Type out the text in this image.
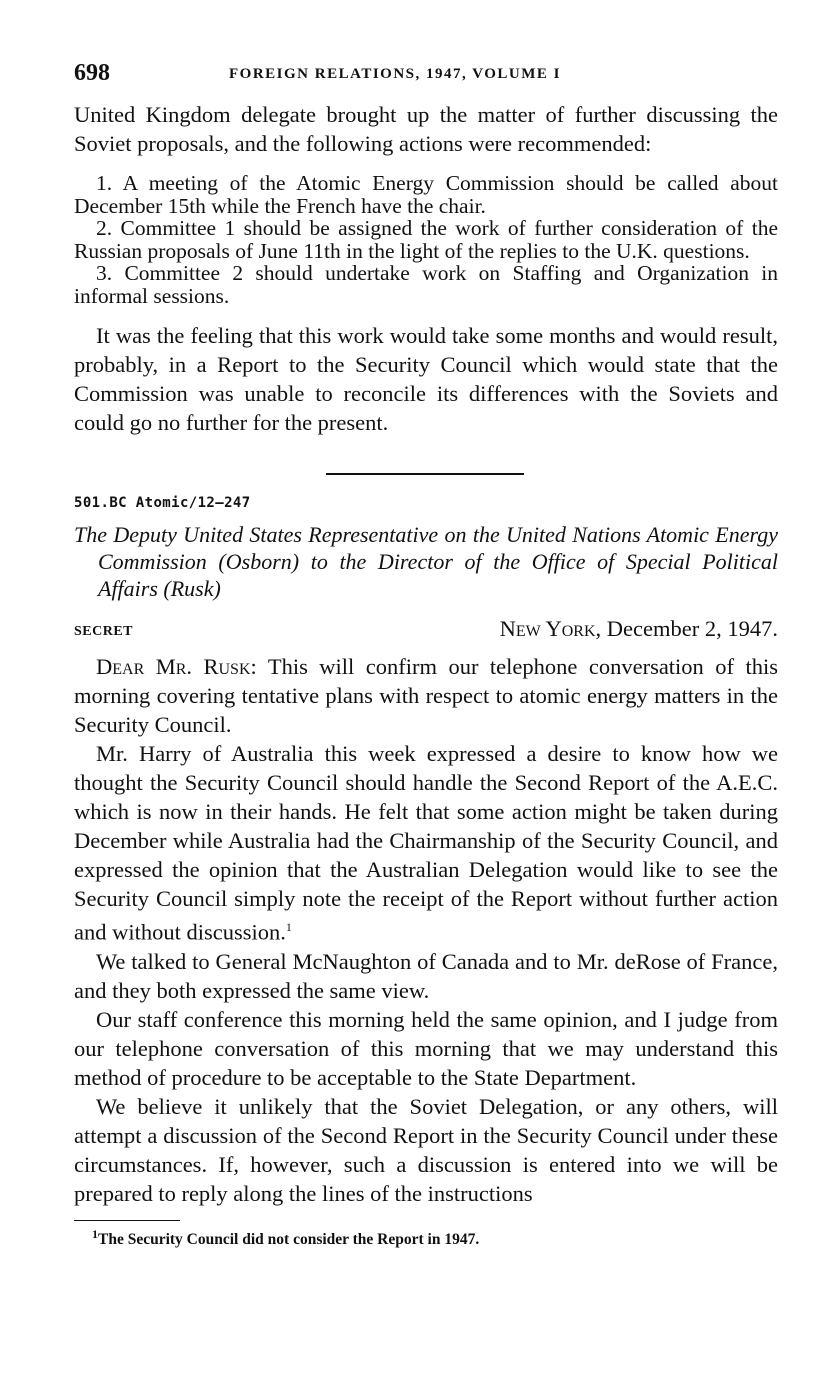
698	FOREIGN RELATIONS, 1947, VOLUME I

United Kingdom delegate brought up the matter of further discussing the Soviet proposals, and the following actions were recommended:

1. A meeting of the Atomic Energy Commission should be called about December 15th while the French have the chair.

2. Committee 1 should be assigned the work of further consideration of the Russian proposals of June 11th in the light of the replies to the U.K. questions.

3. Committee 2 should undertake work on Staffing and Organization in informal sessions.

It was the feeling that this work would take some months and would result, probably, in a Report to the Security Council which would state that the Commission was unable to reconcile its differences with the Soviets and could go no further for the present.

501.BC Atomic/12–247
The Deputy United States Representative on the United Nations Atomic Energy Commission (Osborn) to the Director of the Office of Special Political Affairs (Rusk)
SECRET	New York, December 2, 1947.

Dear Mr. Rusk: This will confirm our telephone conversation of this morning covering tentative plans with respect to atomic energy matters in the Security Council.

Mr. Harry of Australia this week expressed a desire to know how we thought the Security Council should handle the Second Report of the A.E.C. which is now in their hands. He felt that some action might be taken during December while Australia had the Chairmanship of the Security Council, and expressed the opinion that the Australian Delegation would like to see the Security Council simply note the receipt of the Report without further action and without discussion.$^1$

We talked to General McNaughton of Canada and to Mr. deRose of France, and they both expressed the same view.

Our staff conference this morning held the same opinion, and I judge from our telephone conversation of this morning that we may understand this method of procedure to be acceptable to the State Department.

We believe it unlikely that the Soviet Delegation, or any others, will attempt a discussion of the Second Report in the Security Council under these circumstances. If, however, such a discussion is entered into we will be prepared to reply along the lines of the instructions

$^1$The Security Council did not consider the Report in 1947.
